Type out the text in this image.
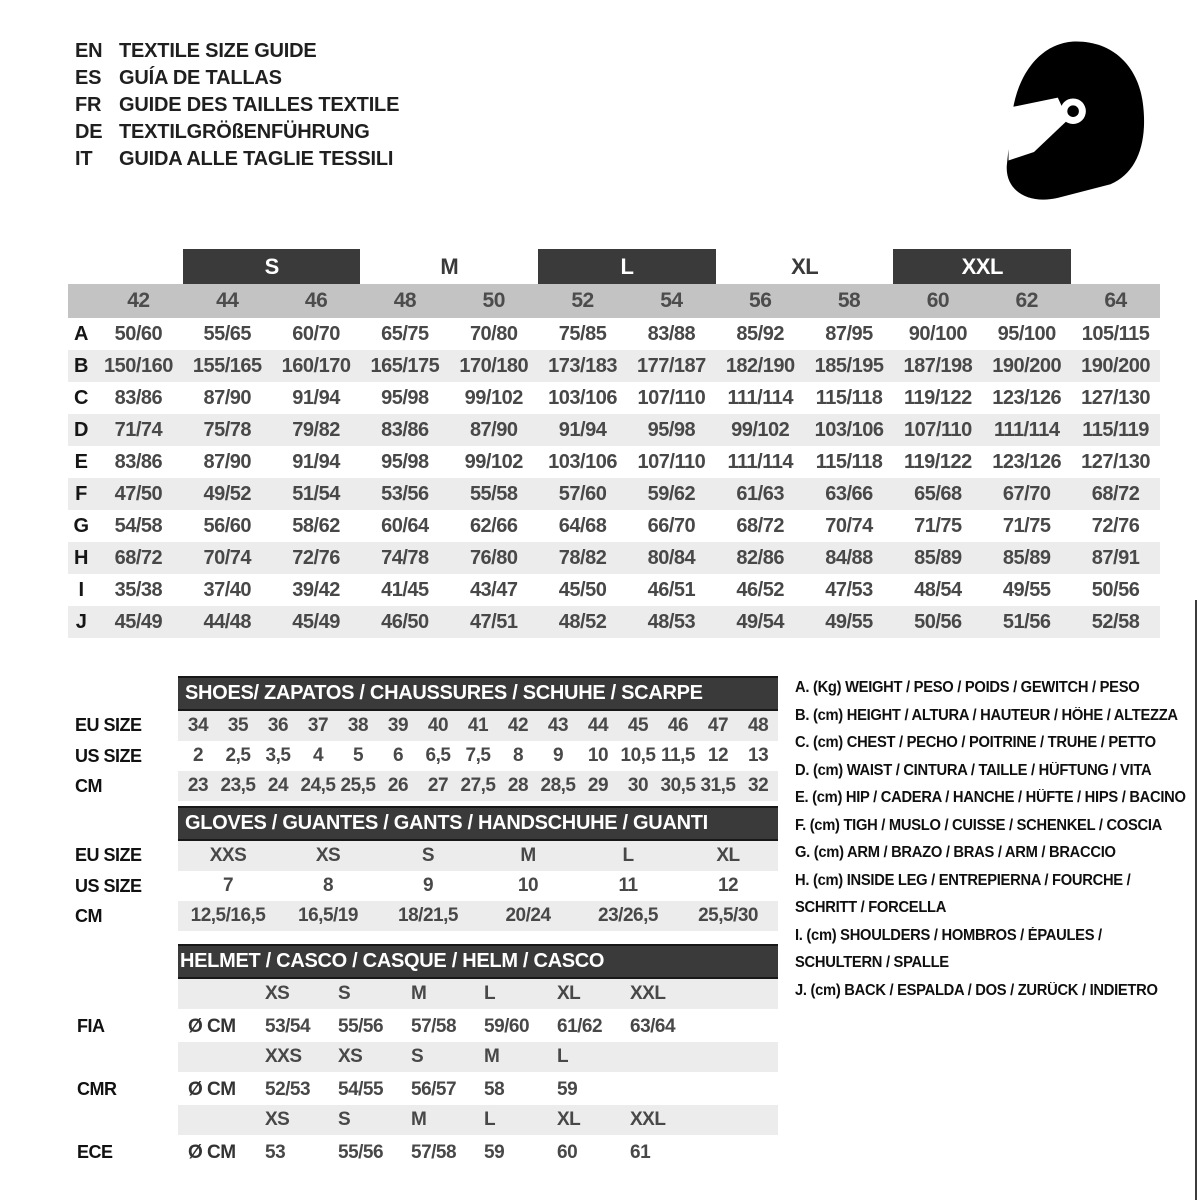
EN TEXTILE SIZE GUIDE
ES GUÍA DE TALLAS
FR GUIDE DES TAILLES TEXTILE
DE TEXTILGRÖßENFÜHRUNG
IT	GUIDA ALLE TAGLIE TESSILI
		S		M		L		XL		XXL		
	42	44	46	48	50	52	54	56	58	60	62	64
A	50/60	55/65	60/70	65/75	70/80	75/85	83/88	85/92	87/95	90/100	95/100	105/115
B	150/160	155/165	160/170	165/175	170/180	173/183	177/187	182/190	185/195	187/198	190/200	190/200
C	83/86	87/90	91/94	95/98	99/102	103/106	107/110	111/114	115/118	119/122	123/126	127/130
D	71/74	75/78	79/82	83/86	87/90	91/94	95/98	99/102	103/106	107/110	111/114	115/119
E	83/86	87/90	91/94	95/98	99/102	103/106	107/110	111/114	115/118	119/122	123/126	127/130
F	47/50	49/52	51/54	53/56	55/58	57/60	59/62	61/63	63/66	65/68	67/70	68/72
G	54/58	56/60	58/62	60/64	62/66	64/68	66/70	68/72	70/74	71/75	71/75	72/76
H	68/72	70/74	72/76	74/78	76/80	78/82	80/84	82/86	84/88	85/89	85/89	87/91
I	35/38	37/40	39/42	41/45	43/47	45/50	46/51	46/52	47/53	48/54	49/55	50/56
J	45/49	44/48	45/49	46/50	47/51	48/52	48/53	49/54	49/55	50/56	51/56	52/58
	SHOES/ ZAPATOS / CHAUSSURES / SCHUHE / SCARPE														
EU SIZE	34	35	36	37	38	39	40	41	42	43	44	45	46	47	48
US SIZE	2	2,5	3,5	4	5	6	6,5	7,5	8	9	10	10,5	11,5	12	13
CM	23	23,5	24	24,5	25,5	26	27	27,5	28	28,5	29	30	30,5	31,5	32
	GLOVES / GUANTES / GANTS / HANDSCHUHE / GUANTI					
EU SIZE	XXS	XS	S	M	L	XL
US SIZE	7	8	9	10	11	12
CM	12,5/16,5	16,5/19	18/21,5	20/24	23/26,5	25,5/30
	HELMET / CASCO / CASQUE / HELM / CASCO							
		XS	S	M	L	XL	XXL	
FIA	Ø CM	53/54	55/56	57/58	59/60	61/62	63/64	
		XXS	XS	S	M	L		
CMR	Ø CM	52/53	54/55	56/57	58	59		
		XS	S	M	L	XL	XXL	
ECE	Ø CM	53	55/56	57/58	59	60	61	
A. (Kg) WEIGHT / PESO / POIDS / GEWITCH / PESO
B. (cm) HEIGHT / ALTURA / HAUTEUR / HÖHE / ALTEZZA
C. (cm) CHEST / PECHO / POITRINE / TRUHE / PETTO
D. (cm) WAIST / CINTURA / TAILLE / HÜFTUNG / VITA
E. (cm) HIP / CADERA / HANCHE / HÜFTE / HIPS / BACINO
F. (cm) TIGH / MUSLO / CUISSE / SCHENKEL / COSCIA
G. (cm) ARM / BRAZO / BRAS / ARM / BRACCIO
H. (cm) INSIDE LEG / ENTREPIERNA / FOURCHE /
SCHRITT / FORCELLA
I. (cm) SHOULDERS / HOMBROS / ÉPAULES /
SCHULTERN / SPALLE
J. (cm) BACK / ESPALDA / DOS / ZURÜCK / INDIETRO
